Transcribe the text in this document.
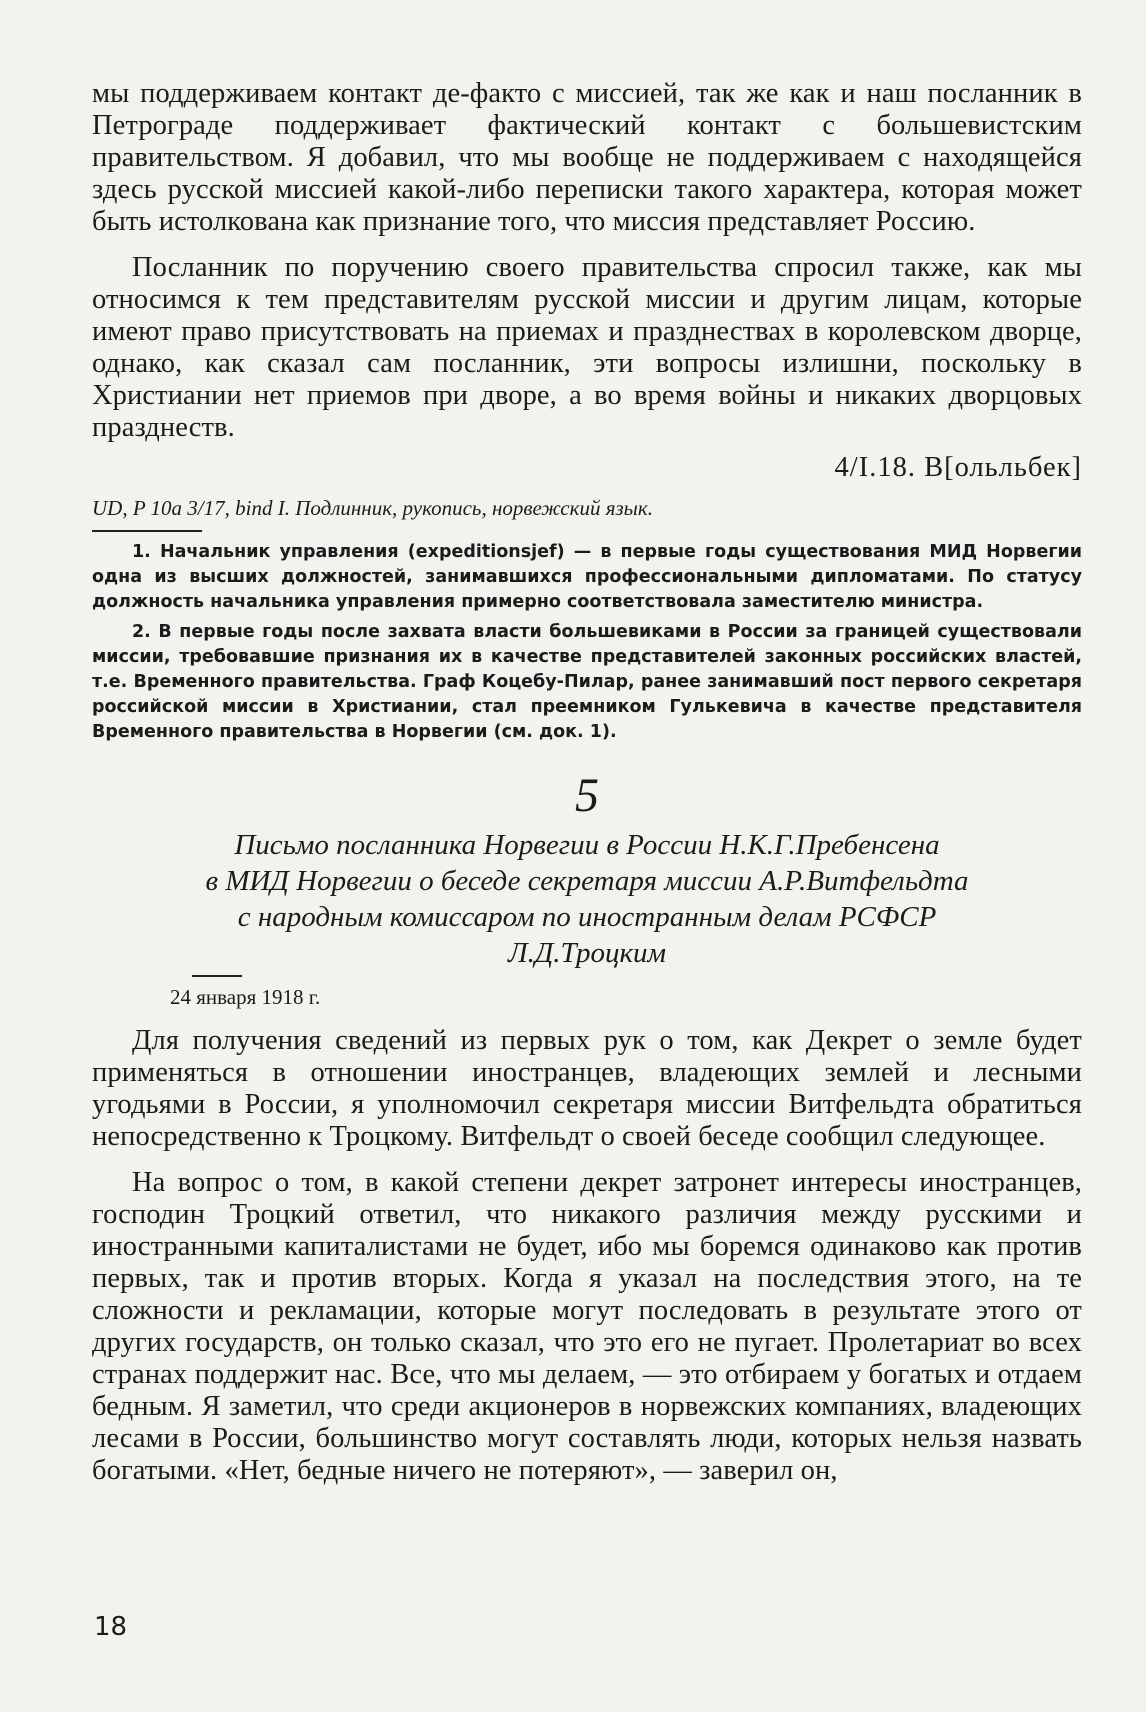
мы поддерживаем контакт де-факто с миссией, так же как и наш посланник в Петрограде поддерживает фактический контакт с большевистским правительством. Я добавил, что мы вообще не поддерживаем с находящейся здесь русской миссией какой-либо переписки такого характера, которая может быть истолкована как признание того, что миссия представляет Россию.

Посланник по поручению своего правительства спросил также, как мы относимся к тем представителям русской миссии и другим лицам, которые имеют право присутствовать на приемах и празднествах в королевском дворце, однако, как сказал сам посланник, эти вопросы излишни, поскольку в Христиании нет приемов при дворе, а во время войны и никаких дворцовых празднеств.

4/I.18. В[ольльбек]

UD, P 10a 3/17, bind I. Подлинник, рукопись, норвежский язык.

1. Начальник управления (expeditionsjef) — в первые годы существования МИД Норвегии одна из высших должностей, занимавшихся профессиональными дипломатами. По статусу должность начальника управления примерно соответствовала заместителю министра.

2. В первые годы после захвата власти большевиками в России за границей существовали миссии, требовавшие признания их в качестве представителей законных российских властей, т.е. Временного правительства. Граф Коцебу-Пилар, ранее занимавший пост первого секретаря российской миссии в Христиании, стал преемником Гулькевича в качестве представителя Временного правительства в Норвегии (см. док. 1).

5
Письмо посланника Норвегии в России Н.К.Г.Пребенсена
в МИД Норвегии о беседе секретаря миссии А.Р.Витфельдта
с народным комиссаром по иностранным делам РСФСР
Л.Д.Троцким

24 января 1918 г.

Для получения сведений из первых рук о том, как Декрет о земле будет применяться в отношении иностранцев, владеющих землей и лесными угодьями в России, я уполномочил секретаря миссии Витфельдта обратиться непосредственно к Троцкому. Витфельдт о своей беседе сообщил следующее.

На вопрос о том, в какой степени декрет затронет интересы иностранцев, господин Троцкий ответил, что никакого различия между русскими и иностранными капиталистами не будет, ибо мы боремся одинаково как против первых, так и против вторых. Когда я указал на последствия этого, на те сложности и рекламации, которые могут последовать в результате этого от других государств, он только сказал, что это его не пугает. Пролетариат во всех странах поддержит нас. Все, что мы делаем, — это отбираем у богатых и отдаем бедным. Я заметил, что среди акционеров в норвежских компаниях, владеющих лесами в России, большинство могут составлять люди, которых нельзя назвать богатыми. «Нет, бедные ничего не потеряют», — заверил он,

18
